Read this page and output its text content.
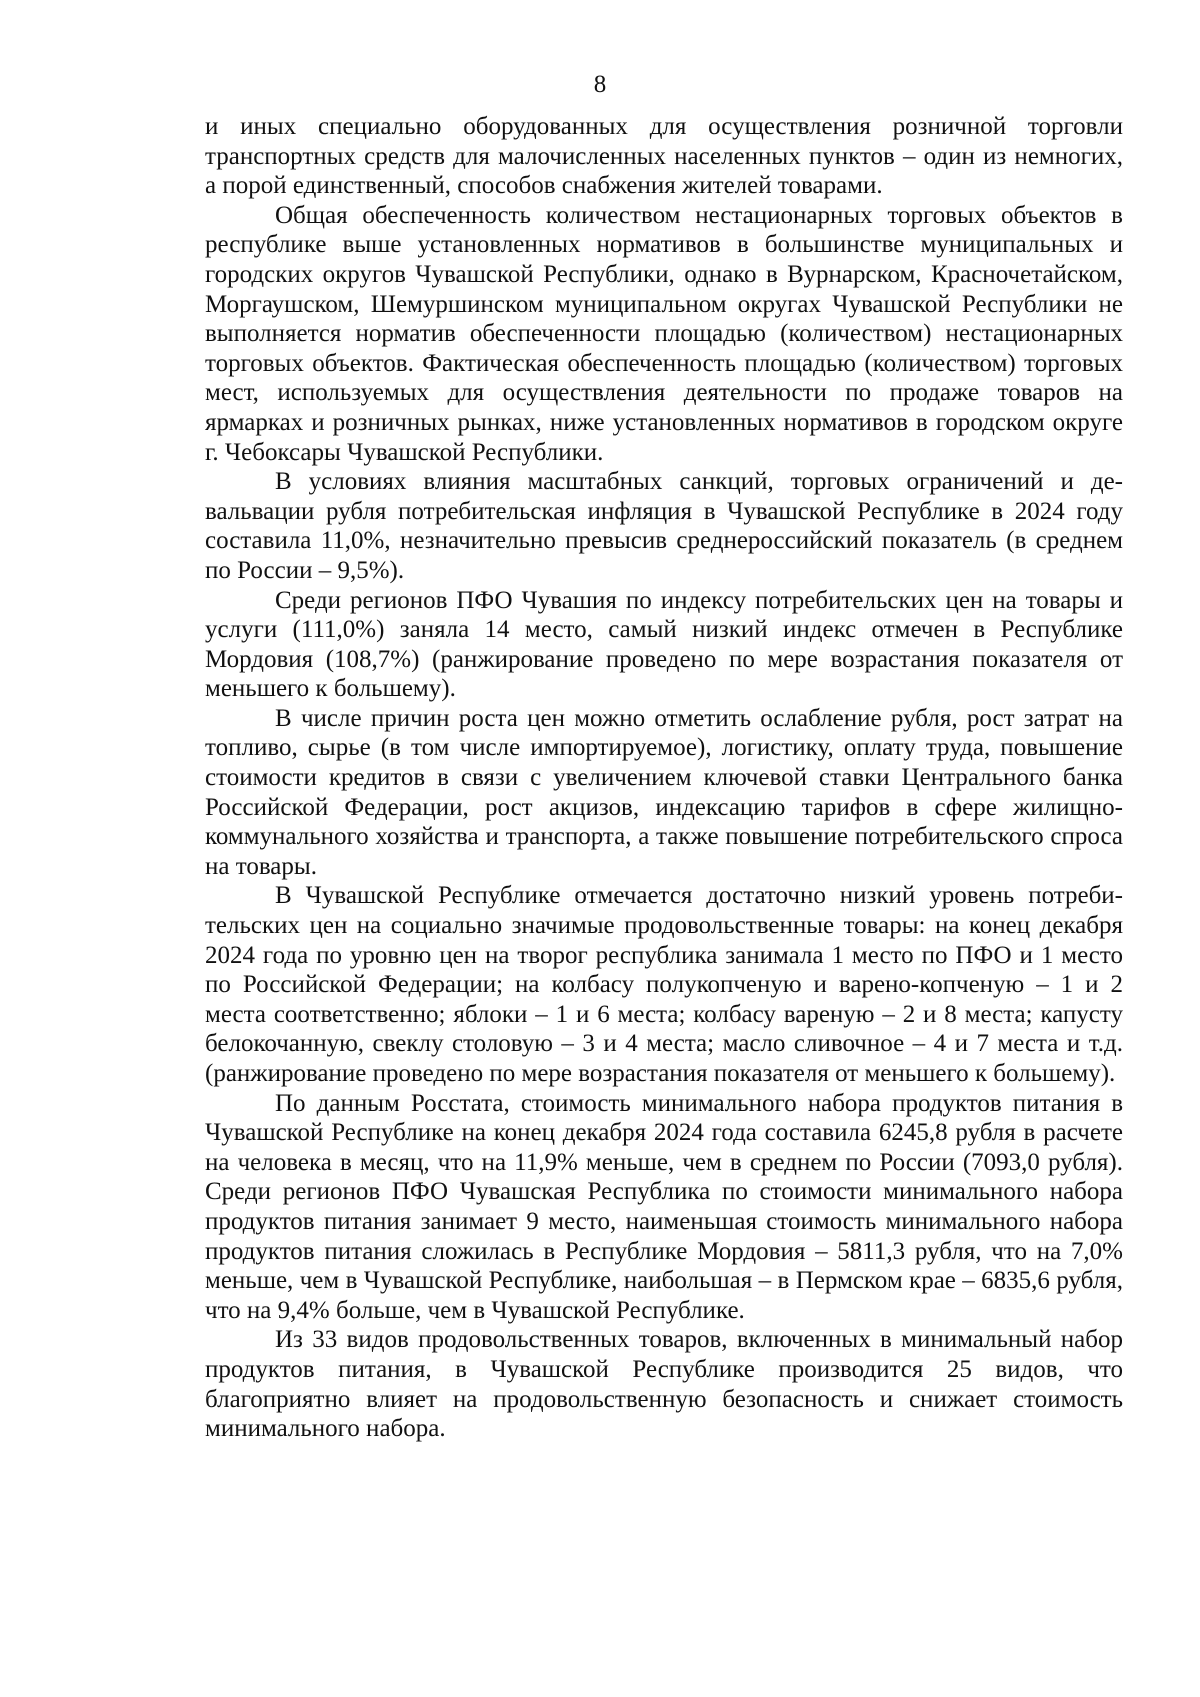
8

и иных специально оборудованных для осуществления розничной торговли транспортных средств для малочисленных населенных пунктов – один из немногих, а порой единственный, способов снабжения жителей товарами.

Общая обеспеченность количеством нестационарных торговых объектов в республике выше установленных нормативов в большинстве муниципальных и городских округов Чувашской Республики, однако в Вурнарском, Красночетайском, Моргаушском, Шемуршинском муниципальном округах Чувашской Республики не выполняется норматив обеспеченности площадью (количеством) нестационарных торговых объектов. Фактическая обеспеченность площадью (количеством) торговых мест, используемых для осуществления деятельности по продаже товаров на ярмарках и розничных рынках, ниже установленных нормативов в городском округе г. Чебоксары Чувашской Республики.

В условиях влияния масштабных санкций, торговых ограничений и девальвации рубля потребительская инфляция в Чувашской Республике в 2024 году составила 11,0%, незначительно превысив среднероссийский показатель (в среднем по России – 9,5%).

Среди регионов ПФО Чувашия по индексу потребительских цен на товары и услуги (111,0%) заняла 14 место, самый низкий индекс отмечен в Республике Мордовия (108,7%) (ранжирование проведено по мере возрастания показателя от меньшего к большему).

В числе причин роста цен можно отметить ослабление рубля, рост затрат на топливо, сырье (в том числе импортируемое), логистику, оплату труда, повышение стоимости кредитов в связи с увеличением ключевой ставки Центрального банка Российской Федерации, рост акцизов, индексацию тарифов в сфере жилищно-коммунального хозяйства и транспорта, а также повышение потребительского спроса на товары.

В Чувашской Республике отмечается достаточно низкий уровень потребительских цен на социально значимые продовольственные товары: на конец декабря 2024 года по уровню цен на творог республика занимала 1 место по ПФО и 1 место по Российской Федерации; на колбасу полукопченую и варено-копченую – 1 и 2 места соответственно; яблоки – 1 и 6 места; колбасу вареную – 2 и 8 места; капусту белокочанную, свеклу столовую – 3 и 4 места; масло сливочное – 4 и 7 места и т.д. (ранжирование проведено по мере возрастания показателя от меньшего к большему).

По данным Росстата, стоимость минимального набора продуктов питания в Чувашской Республике на конец декабря 2024 года составила 6245,8 рубля в расчете на человека в месяц, что на 11,9% меньше, чем в среднем по России (7093,0 рубля). Среди регионов ПФО Чувашская Республика по стоимости минимального набора продуктов питания занимает 9 место, наименьшая стоимость минимального набора продуктов питания сложилась в Республике Мордовия – 5811,3 рубля, что на 7,0% меньше, чем в Чувашской Республике, наибольшая – в Пермском крае – 6835,6 рубля, что на 9,4% больше, чем в Чувашской Республике.

Из 33 видов продовольственных товаров, включенных в минимальный набор продуктов питания, в Чувашской Республике производится 25 видов, что благоприятно влияет на продовольственную безопасность и снижает стоимость минимального набора.
